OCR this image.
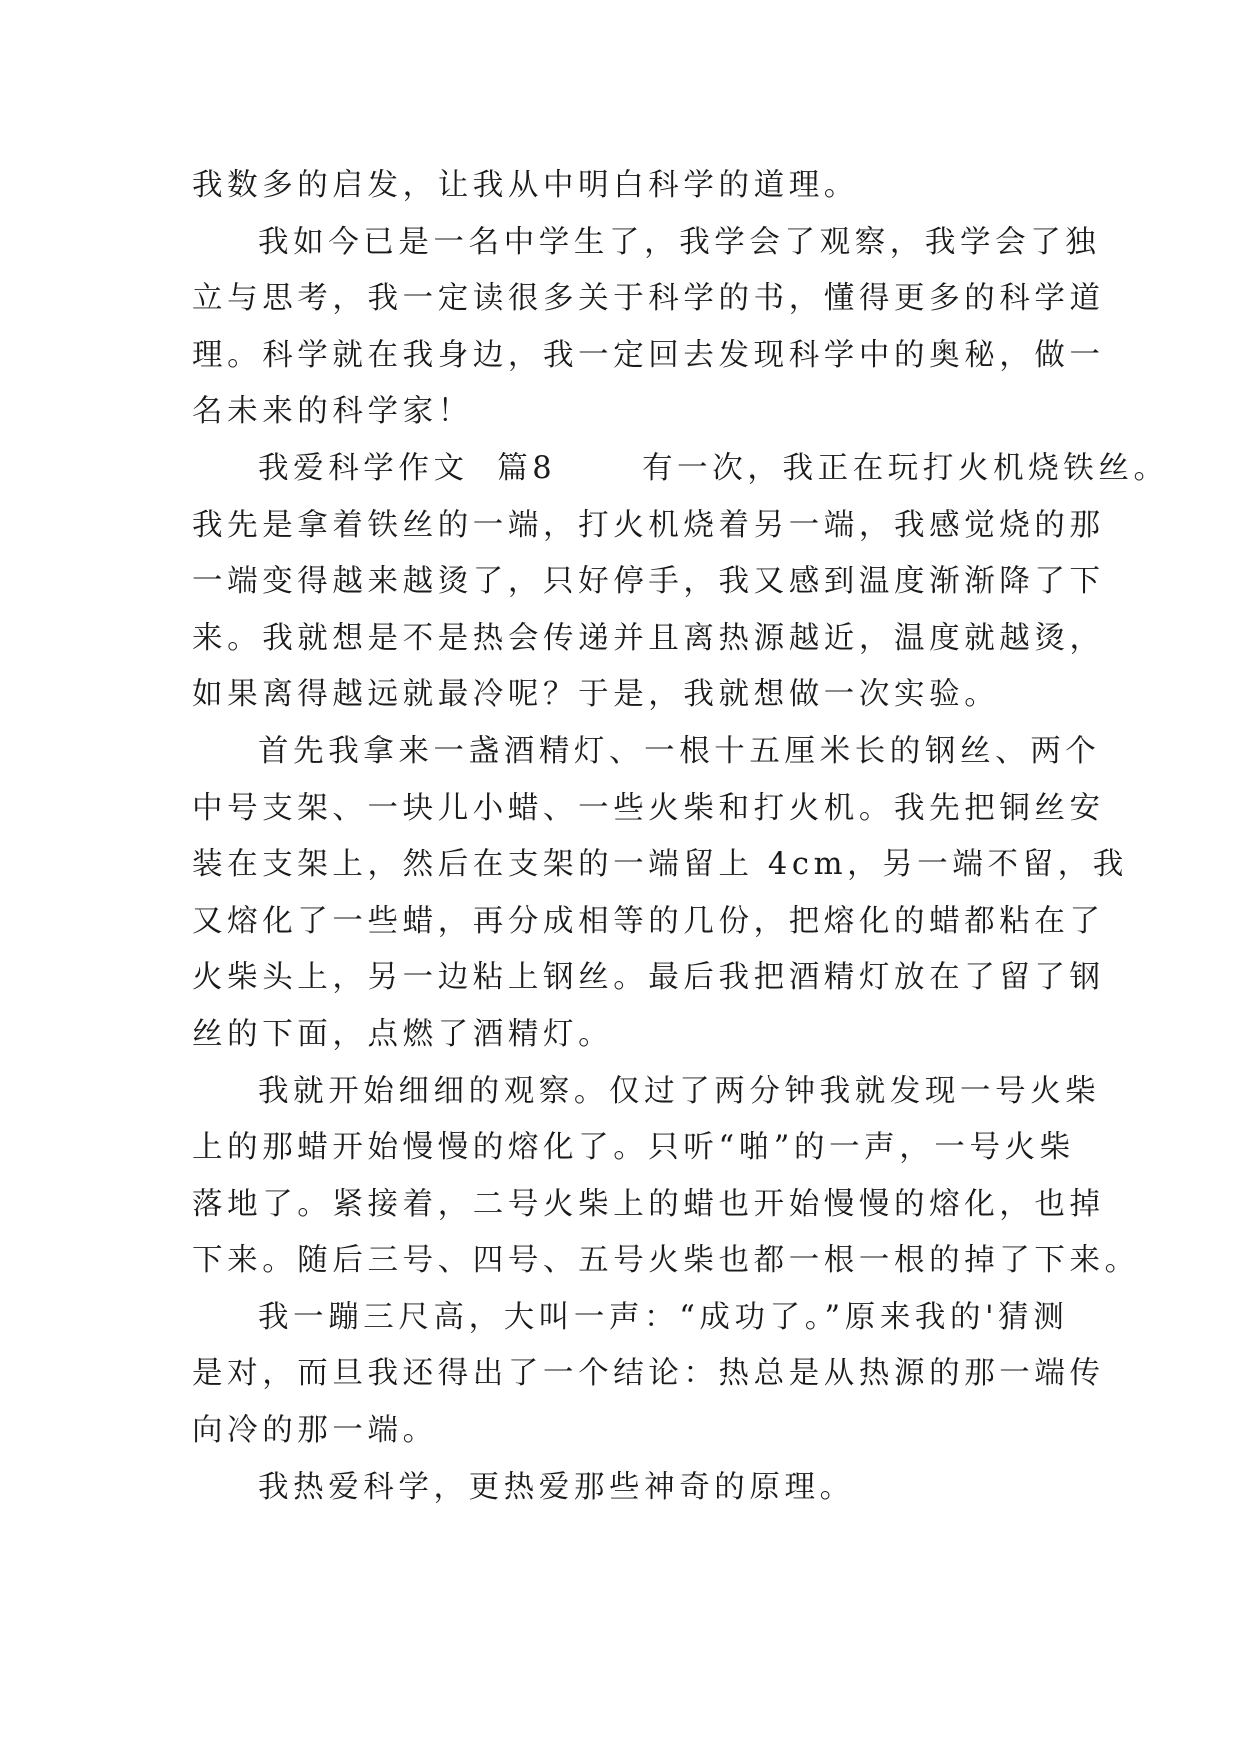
我数多的启发，让我从中明白科学的道理。
我如今已是一名中学生了，我学会了观察，我学会了独
立与思考，我一定读很多关于科学的书，懂得更多的科学道
理。科学就在我身边，我一定回去发现科学中的奥秘，做一
名未来的科学家！
我爱科学作文  篇8      有一次，我正在玩打火机烧铁丝。
我先是拿着铁丝的一端，打火机烧着另一端，我感觉烧的那
一端变得越来越烫了，只好停手，我又感到温度渐渐降了下
来。我就想是不是热会传递并且离热源越近，温度就越烫，
如果离得越远就最冷呢？于是，我就想做一次实验。
首先我拿来一盏酒精灯、一根十五厘米长的钢丝、两个
中号支架、一块儿小蜡、一些火柴和打火机。我先把铜丝安
装在支架上，然后在支架的一端留上 4cm，另一端不留，我
又熔化了一些蜡，再分成相等的几份，把熔化的蜡都粘在了
火柴头上，另一边粘上钢丝。最后我把酒精灯放在了留了钢
丝的下面，点燃了酒精灯。
我就开始细细的观察。仅过了两分钟我就发现一号火柴
上的那蜡开始慢慢的熔化了。只听“啪”的一声，一号火柴
落地了。紧接着，二号火柴上的蜡也开始慢慢的熔化，也掉
下来。随后三号、四号、五号火柴也都一根一根的掉了下来。
我一蹦三尺高，大叫一声：“成功了。”原来我的'猜测
是对，而旦我还得出了一个结论：热总是从热源的那一端传
向冷的那一端。
我热爱科学，更热爱那些神奇的原理。
